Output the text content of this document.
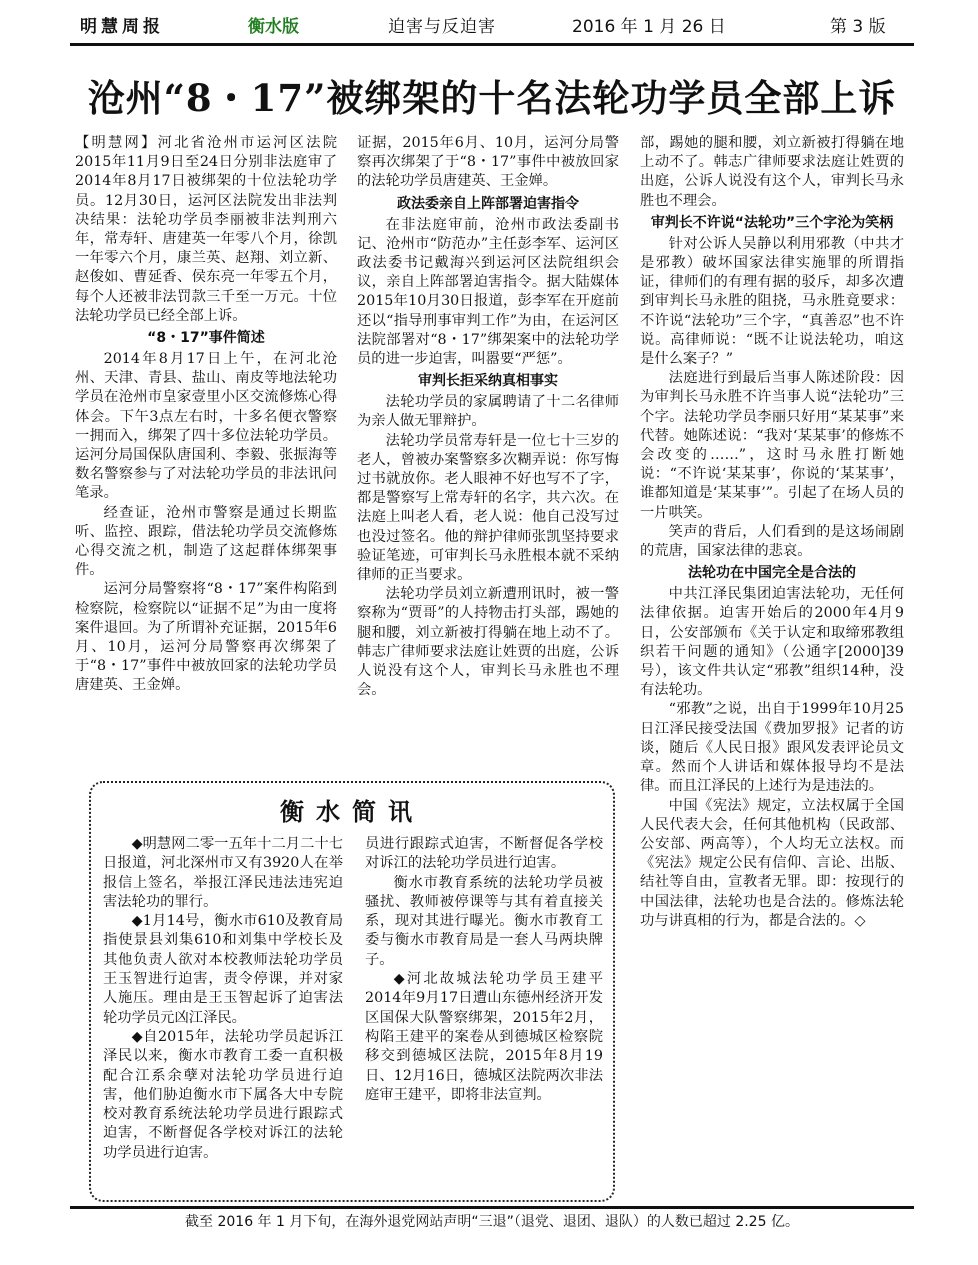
明慧周报	衡水版	迫害与反迫害	2016 年 1 月 26 日	第 3 版
沧州“8・17”被绑架的十名法轮功学员全部上诉

【明慧网】河北省沧州市运河区法院2015年11月9日至24日分别非法庭审了2014年8月17日被绑架的十位法轮功学员。12月30日，运河区法院发出非法判决结果：法轮功学员李丽被非法判刑六年，常寿轩、唐建英一年零八个月，徐凯一年零六个月，康兰英、赵翔、刘立新、赵俊如、曹延香、侯东亮一年零五个月，每个人还被非法罚款三千至一万元。十位法轮功学员已经全部上诉。

“8・17”事件简述

2014年8月17日上午，在河北沧州、天津、青县、盐山、南皮等地法轮功学员在沧州市皇家壹里小区交流修炼心得体会。下午3点左右时，十多名便衣警察一拥而入，绑架了四十多位法轮功学员。运河分局国保队唐国利、李毅、张振海等数名警察参与了对法轮功学员的非法讯问笔录。

经查证，沧州市警察是通过长期监听、监控、跟踪，借法轮功学员交流修炼心得交流之机，制造了这起群体绑架事件。

运河分局警察将“8・17”案件构陷到检察院，检察院以“证据不足”为由一度将案件退回。为了所谓补充证据，2015年6月、10月，运河分局警察再次绑架了于“8・17”事件中被放回家的法轮功学员唐建英、王金婵。

证据，2015年6月、10月，运河分局警察再次绑架了于“8・17”事件中被放回家的法轮功学员唐建英、王金婵。

政法委亲自上阵部署迫害指令

在非法庭审前，沧州市政法委副书记、沧州市“防范办”主任彭李军、运河区政法委书记戴海兴到运河区法院组织会议，亲自上阵部署迫害指令。据大陆媒体2015年10月30日报道，彭李军在开庭前还以“指导刑事审判工作”为由，在运河区法院部署对“8・17”绑架案中的法轮功学员的进一步迫害，叫嚣要“严惩”。

审判长拒采纳真相事实

法轮功学员的家属聘请了十二名律师为亲人做无罪辩护。

法轮功学员常寿轩是一位七十三岁的老人，曾被办案警察多次糊弄说：你写悔过书就放你。老人眼神不好也写不了字，都是警察写上常寿轩的名字，共六次。在法庭上叫老人看，老人说：他自己没写过也没过签名。他的辩护律师张凯坚持要求验证笔迹，可审判长马永胜根本就不采纳律师的正当要求。

法轮功学员刘立新遭刑讯时，被一警察称为“贾哥”的人持物击打头部，踢她的腿和腰，刘立新被打得躺在地上动不了。韩志广律师要求法庭让姓贾的出庭，公诉人说没有这个人，审判长马永胜也不理会。

部，踢她的腿和腰，刘立新被打得躺在地上动不了。韩志广律师要求法庭让姓贾的出庭，公诉人说没有这个人，审判长马永胜也不理会。

审判长不许说“法轮功”三个字沦为笑柄

针对公诉人吴静以利用邪教（中共才是邪教）破坏国家法律实施罪的所谓指证，律师们的有理有据的驳斥，却多次遭到审判长马永胜的阻挠，马永胜竟要求：不许说“法轮功”三个字，“真善忍”也不许说。高律师说：“既不让说法轮功，咱这是什么案子？”

法庭进行到最后当事人陈述阶段：因为审判长马永胜不许当事人说“法轮功”三个字。法轮功学员李丽只好用“某某事”来代替。她陈述说：“我对‘某某事’的修炼不会改变的……”，这时马永胜打断她说：“不许说‘某某事’，你说的‘某某事’，谁都知道是‘某某事’”。引起了在场人员的一片哄笑。

笑声的背后，人们看到的是这场闹剧的荒唐，国家法律的悲哀。

法轮功在中国完全是合法的

中共江泽民集团迫害法轮功，无任何法律依据。迫害开始后的2000年4月9日，公安部颁布《关于认定和取缔邪教组织若干问题的通知》（公通字[2000]39号），该文件共认定“邪教”组织14种，没有法轮功。

“邪教”之说，出自于1999年10月25日江泽民接受法国《费加罗报》记者的访谈，随后《人民日报》跟风发表评论员文章。然而个人讲话和媒体报导均不是法律。而且江泽民的上述行为是违法的。

中国《宪法》规定，立法权属于全国人民代表大会，任何其他机构（民政部、公安部、两高等），个人均无立法权。而《宪法》规定公民有信仰、言论、出版、结社等自由，宣教者无罪。即：按现行的中国法律，法轮功也是合法的。修炼法轮功与讲真相的行为，都是合法的。◇

衡水简讯

◆明慧网二零一五年十二月二十七日报道，河北深州市又有3920人在举报信上签名，举报江泽民违法违宪迫害法轮功的罪行。

◆1月14号，衡水市610及教育局指使景县刘集610和刘集中学校长及其他负责人欲对本校教师法轮功学员王玉智进行迫害，责令停课，并对家人施压。理由是王玉智起诉了迫害法轮功学员元凶江泽民。

◆自2015年，法轮功学员起诉江泽民以来，衡水市教育工委一直积极配合江系余孽对法轮功学员进行迫害，他们胁迫衡水市下属各大中专院校对教育系统法轮功学员进行跟踪式迫害，不断督促各学校对诉江的法轮功学员进行迫害。

员进行跟踪式迫害，不断督促各学校对诉江的法轮功学员进行迫害。

衡水市教育系统的法轮功学员被骚扰、教师被停课等与其有着直接关系，现对其进行曝光。衡水市教育工委与衡水市教育局是一套人马两块牌子。

◆河北故城法轮功学员王建平2014年9月17日遭山东德州经济开发区国保大队警察绑架，2015年2月，构陷王建平的案卷从到德城区检察院移交到德城区法院，2015年8月19日、12月16日，德城区法院两次非法庭审王建平，即将非法宣判。

截至 2016 年 1 月下旬，在海外退党网站声明“三退”（退党、退团、退队）的人数已超过 2.25 亿。
